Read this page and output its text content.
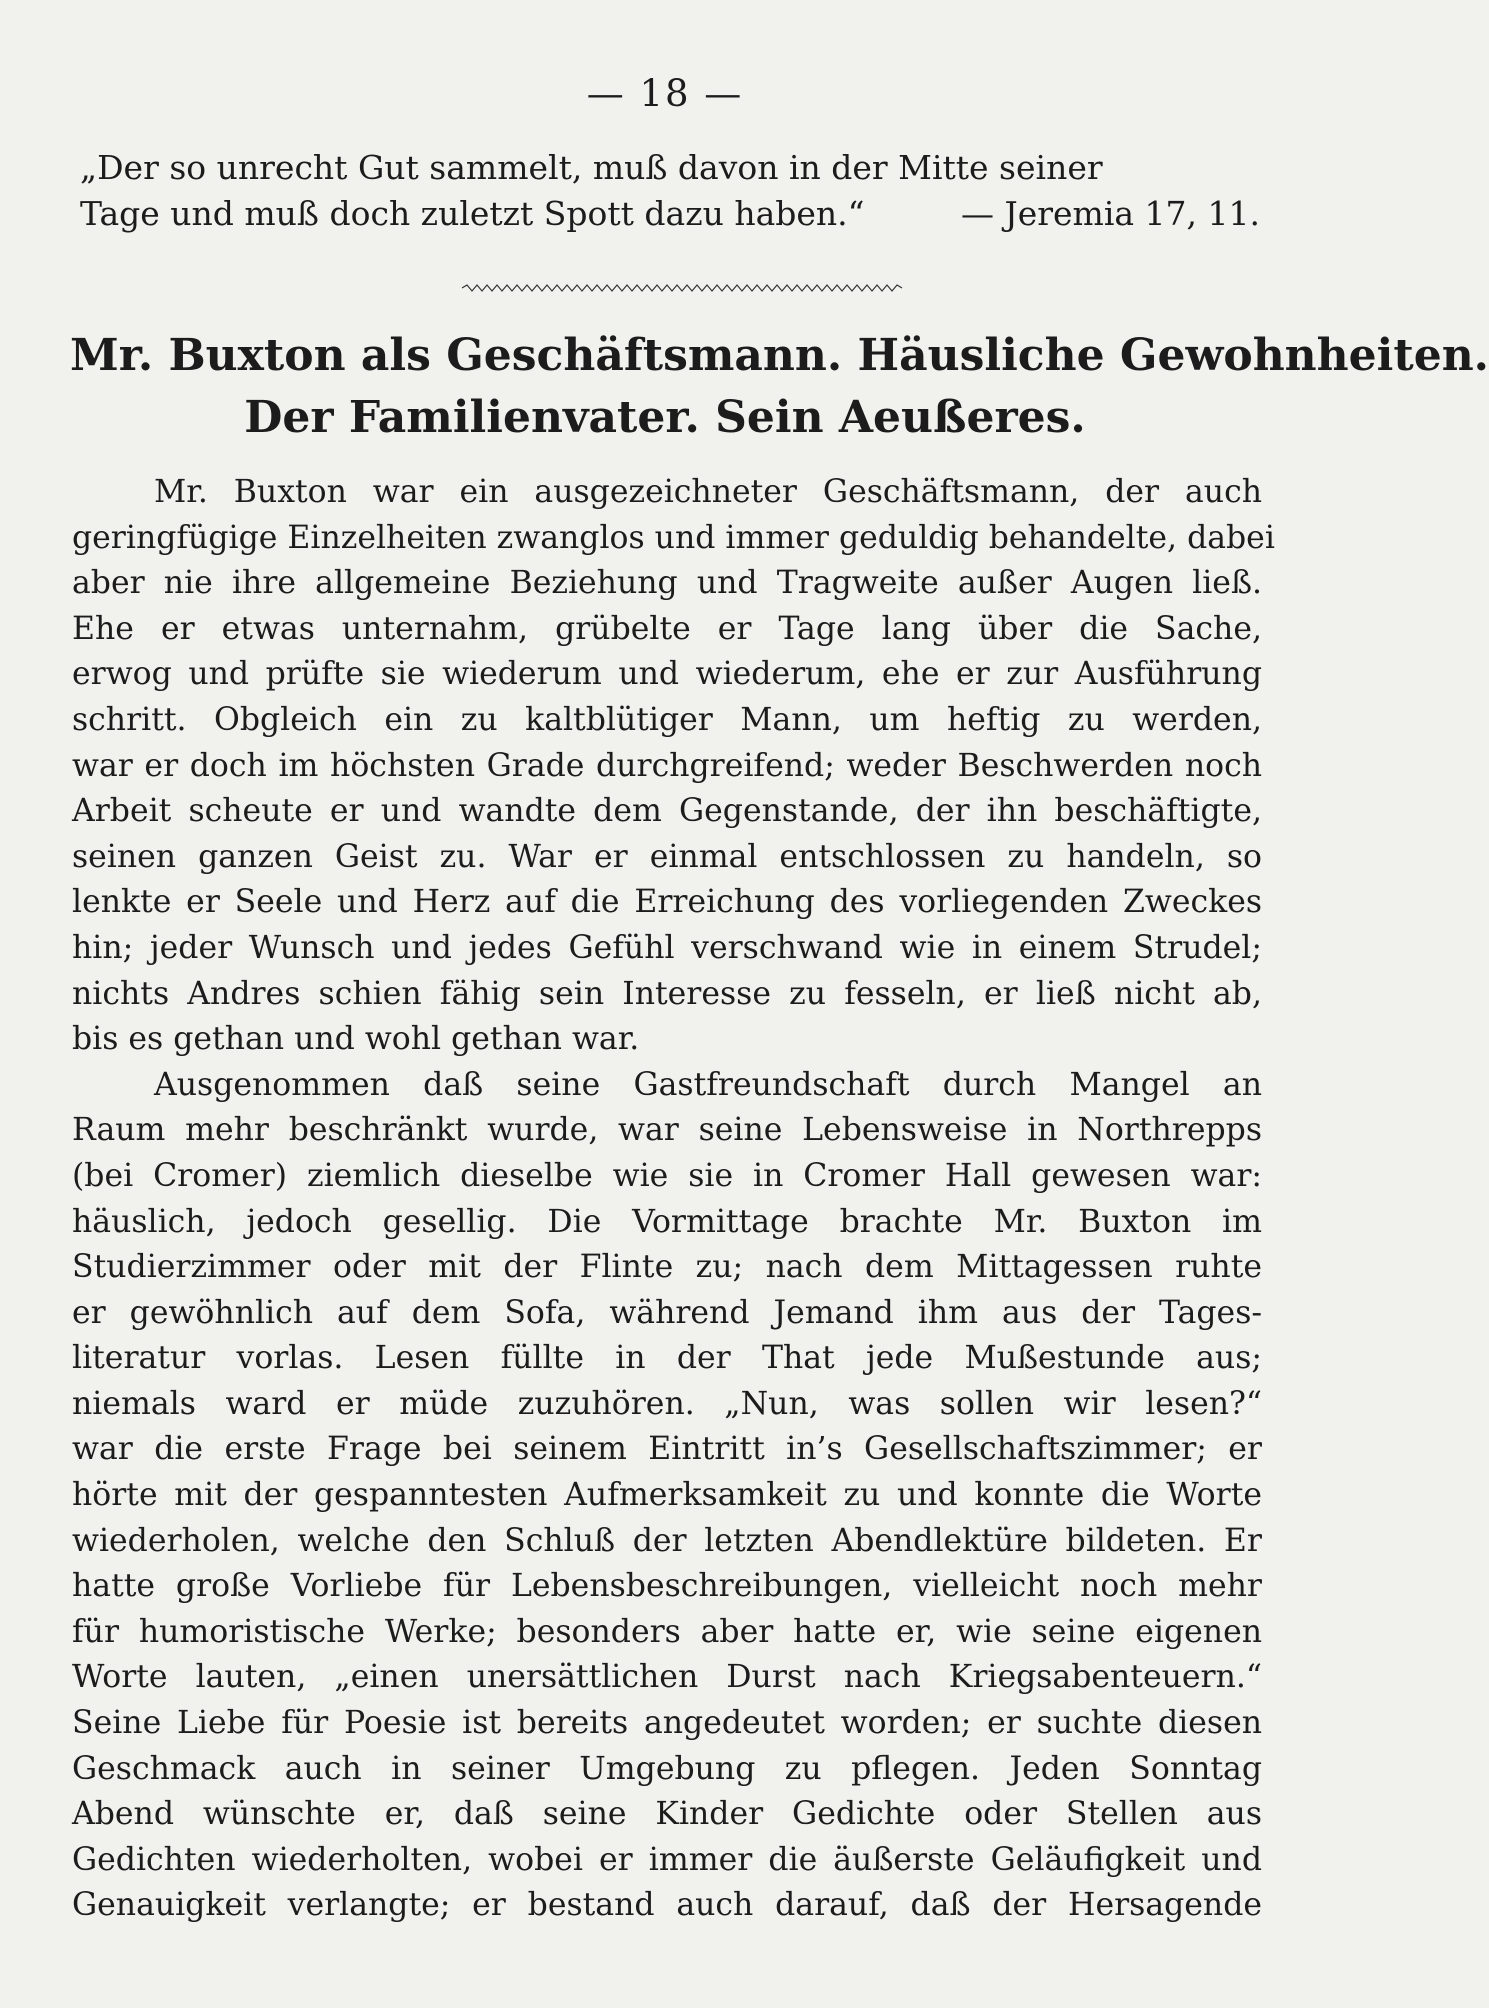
— 18 —
„Der so unrecht Gut sammelt, muß davon in der Mitte seiner
Tage und muß doch zuletzt Spott dazu haben.“	— Jeremia 17, 11.
Mr. Buxton als Geschäftsmann. Häusliche Gewohnheiten.
Der Familienvater. Sein Aeußeres.
Mr. Buxton war ein ausgezeichneter Geschäftsmann, der auch
geringfügige Einzelheiten zwanglos und immer geduldig behandelte, dabei
aber nie ihre allgemeine Beziehung und Tragweite außer Augen ließ.
Ehe er etwas unternahm, grübelte er Tage lang über die Sache,
erwog und prüfte sie wiederum und wiederum, ehe er zur Ausführung
schritt. Obgleich ein zu kaltblütiger Mann, um heftig zu werden,
war er doch im höchsten Grade durchgreifend; weder Beschwerden noch
Arbeit scheute er und wandte dem Gegenstande, der ihn beschäftigte,
seinen ganzen Geist zu. War er einmal entschlossen zu handeln, so
lenkte er Seele und Herz auf die Erreichung des vorliegenden Zweckes
hin; jeder Wunsch und jedes Gefühl verschwand wie in einem Strudel;
nichts Andres schien fähig sein Interesse zu fesseln, er ließ nicht ab,
bis es gethan und wohl gethan war.
Ausgenommen daß seine Gastfreundschaft durch Mangel an
Raum mehr beschränkt wurde, war seine Lebensweise in Northrepps
(bei Cromer) ziemlich dieselbe wie sie in Cromer Hall gewesen war:
häuslich, jedoch gesellig. Die Vormittage brachte Mr. Buxton im
Studierzimmer oder mit der Flinte zu; nach dem Mittagessen ruhte
er gewöhnlich auf dem Sofa, während Jemand ihm aus der Tages-
literatur vorlas. Lesen füllte in der That jede Mußestunde aus;
niemals ward er müde zuzuhören. „Nun, was sollen wir lesen?“
war die erste Frage bei seinem Eintritt in’s Gesellschaftszimmer; er
hörte mit der gespanntesten Aufmerksamkeit zu und konnte die Worte
wiederholen, welche den Schluß der letzten Abendlektüre bildeten. Er
hatte große Vorliebe für Lebensbeschreibungen, vielleicht noch mehr
für humoristische Werke; besonders aber hatte er, wie seine eigenen
Worte lauten, „einen unersättlichen Durst nach Kriegsabenteuern.“
Seine Liebe für Poesie ist bereits angedeutet worden; er suchte diesen
Geschmack auch in seiner Umgebung zu pflegen. Jeden Sonntag
Abend wünschte er, daß seine Kinder Gedichte oder Stellen aus
Gedichten wiederholten, wobei er immer die äußerste Geläufigkeit und
Genauigkeit verlangte; er bestand auch darauf, daß der Hersagende
